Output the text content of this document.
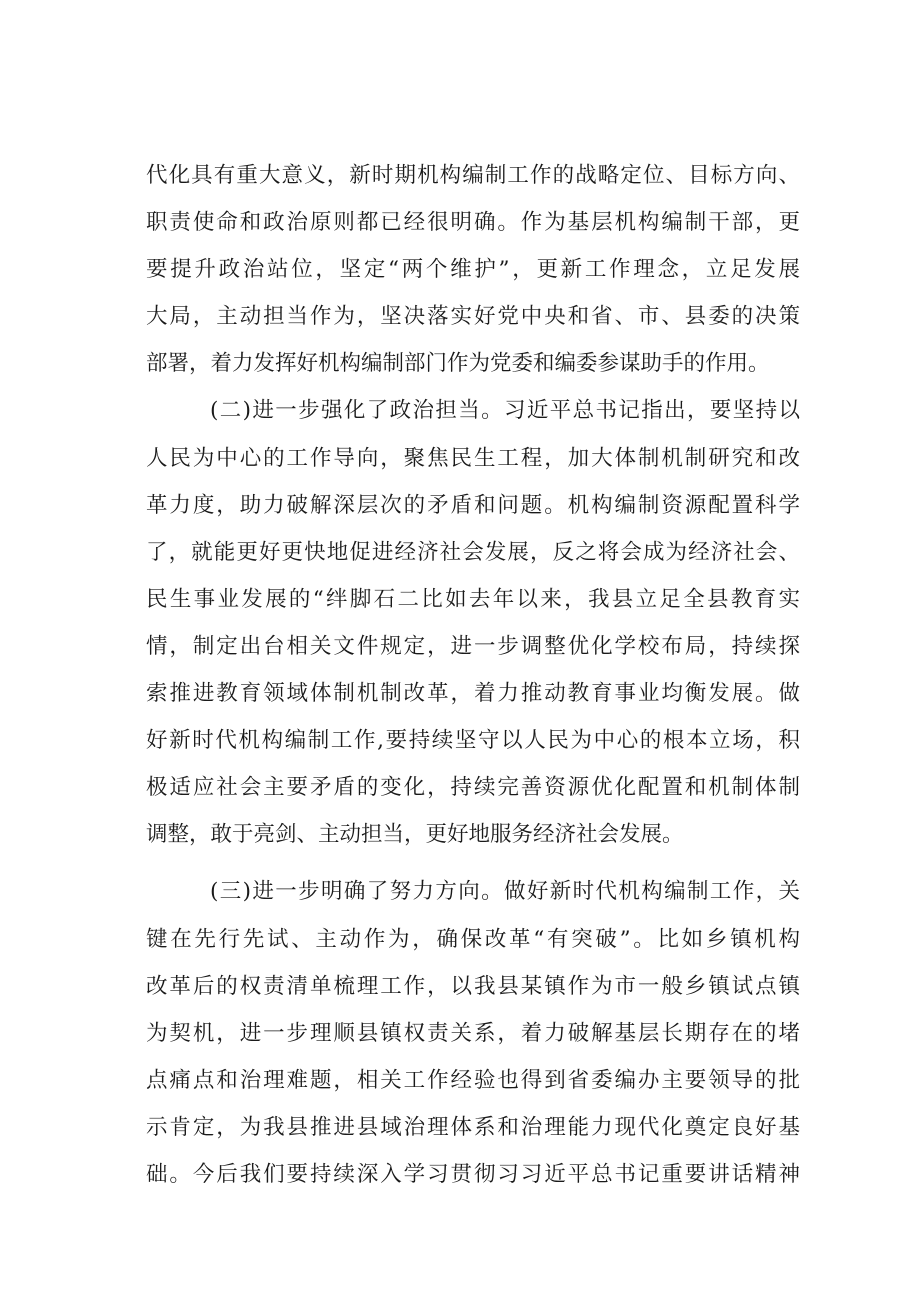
代化具有重大意义，新时期机构编制工作的战略定位、目标方向、
职责使命和政治原则都已经很明确。作为基层机构编制干部，更
要提升政治站位，坚定“两个维护”，更新工作理念，立足发展
大局，主动担当作为，坚决落实好党中央和省、市、县委的决策
部署，着力发挥好机构编制部门作为党委和编委参谋助手的作用。
(二)进一步强化了政治担当。习近平总书记指出，要坚持以
人民为中心的工作导向，聚焦民生工程，加大体制机制研究和改
革力度，助力破解深层次的矛盾和问题。机构编制资源配置科学
了，就能更好更快地促进经济社会发展，反之将会成为经济社会、
民生事业发展的“绊脚石二比如去年以来，我县立足全县教育实
情，制定出台相关文件规定，进一步调整优化学校布局，持续探
索推进教育领域体制机制改革，着力推动教育事业均衡发展。做
好新时代机构编制工作,要持续坚守以人民为中心的根本立场，积
极适应社会主要矛盾的变化，持续完善资源优化配置和机制体制
调整，敢于亮剑、主动担当，更好地服务经济社会发展。
(三)进一步明确了努力方向。做好新时代机构编制工作，关
键在先行先试、主动作为，确保改革“有突破”。比如乡镇机构
改革后的权责清单梳理工作，以我县某镇作为市一般乡镇试点镇
为契机，进一步理顺县镇权责关系，着力破解基层长期存在的堵
点痛点和治理难题，相关工作经验也得到省委编办主要领导的批
示肯定，为我县推进县域治理体系和治理能力现代化奠定良好基
础。今后我们要持续深入学习贯彻习习近平总书记重要讲话精神
